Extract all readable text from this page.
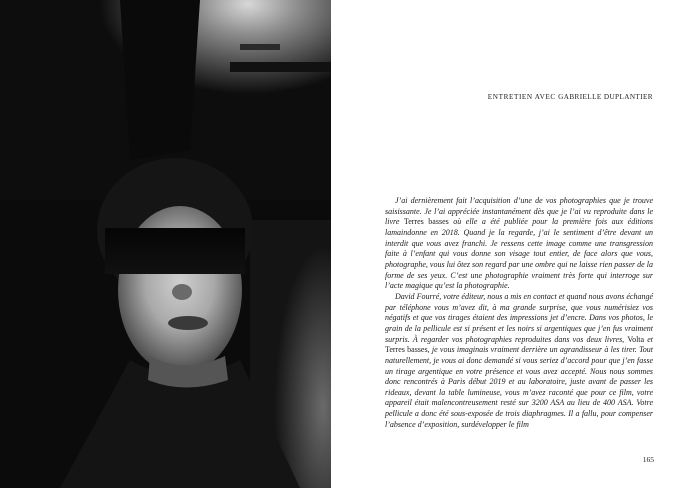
ENTRETIEN AVEC GABRIELLE DUPLANTIER

J’ai dernièrement fait l’acquisition d’une de vos photographies que je trouve saisissante. Je l’ai appréciée instantanément dès que je l’ai vu reproduite dans le livre Terres basses où elle a été publiée pour la première fois aux éditions lamaindonne en 2018. Quand je la regarde, j’ai le sentiment d’être devant un interdit que vous avez franchi. Je ressens cette image comme une transgression faite à l’enfant qui vous donne son visage tout entier, de face alors que vous, photographe, vous lui ôtez son regard par une ombre qui ne laisse rien passer de la forme de ses yeux. C’est une photographie vraiment très forte qui interroge sur l’acte magique qu’est la photographie.

David Fourré, votre éditeur, nous a mis en contact et quand nous avons échangé par téléphone vous m’avez dit, à ma grande surprise, que vous numérisiez vos négatifs et que vos tirages étaient des impressions jet d’encre. Dans vos photos, le grain de la pellicule est si présent et les noirs si argentiques que j’en fus vraiment surpris. À regarder vos photographies reproduites dans vos deux livres, Volta et Terres basses, je vous imaginais vraiment derrière un agrandisseur à les tirer. Tout naturellement, je vous ai donc demandé si vous seriez d’accord pour que j’en fasse un tirage argentique en votre présence et vous avez accepté. Nous nous sommes donc rencontrés à Paris début 2019 et au laboratoire, juste avant de passer les rideaux, devant la table lumineuse, vous m’avez raconté que pour ce film, votre appareil était malencontreusement resté sur 3200 ASA au lieu de 400 ASA. Votre pellicule a donc été sous-exposée de trois diaphragmes. Il a fallu, pour compenser l’absence d’exposition, surdévelopper le film

165
